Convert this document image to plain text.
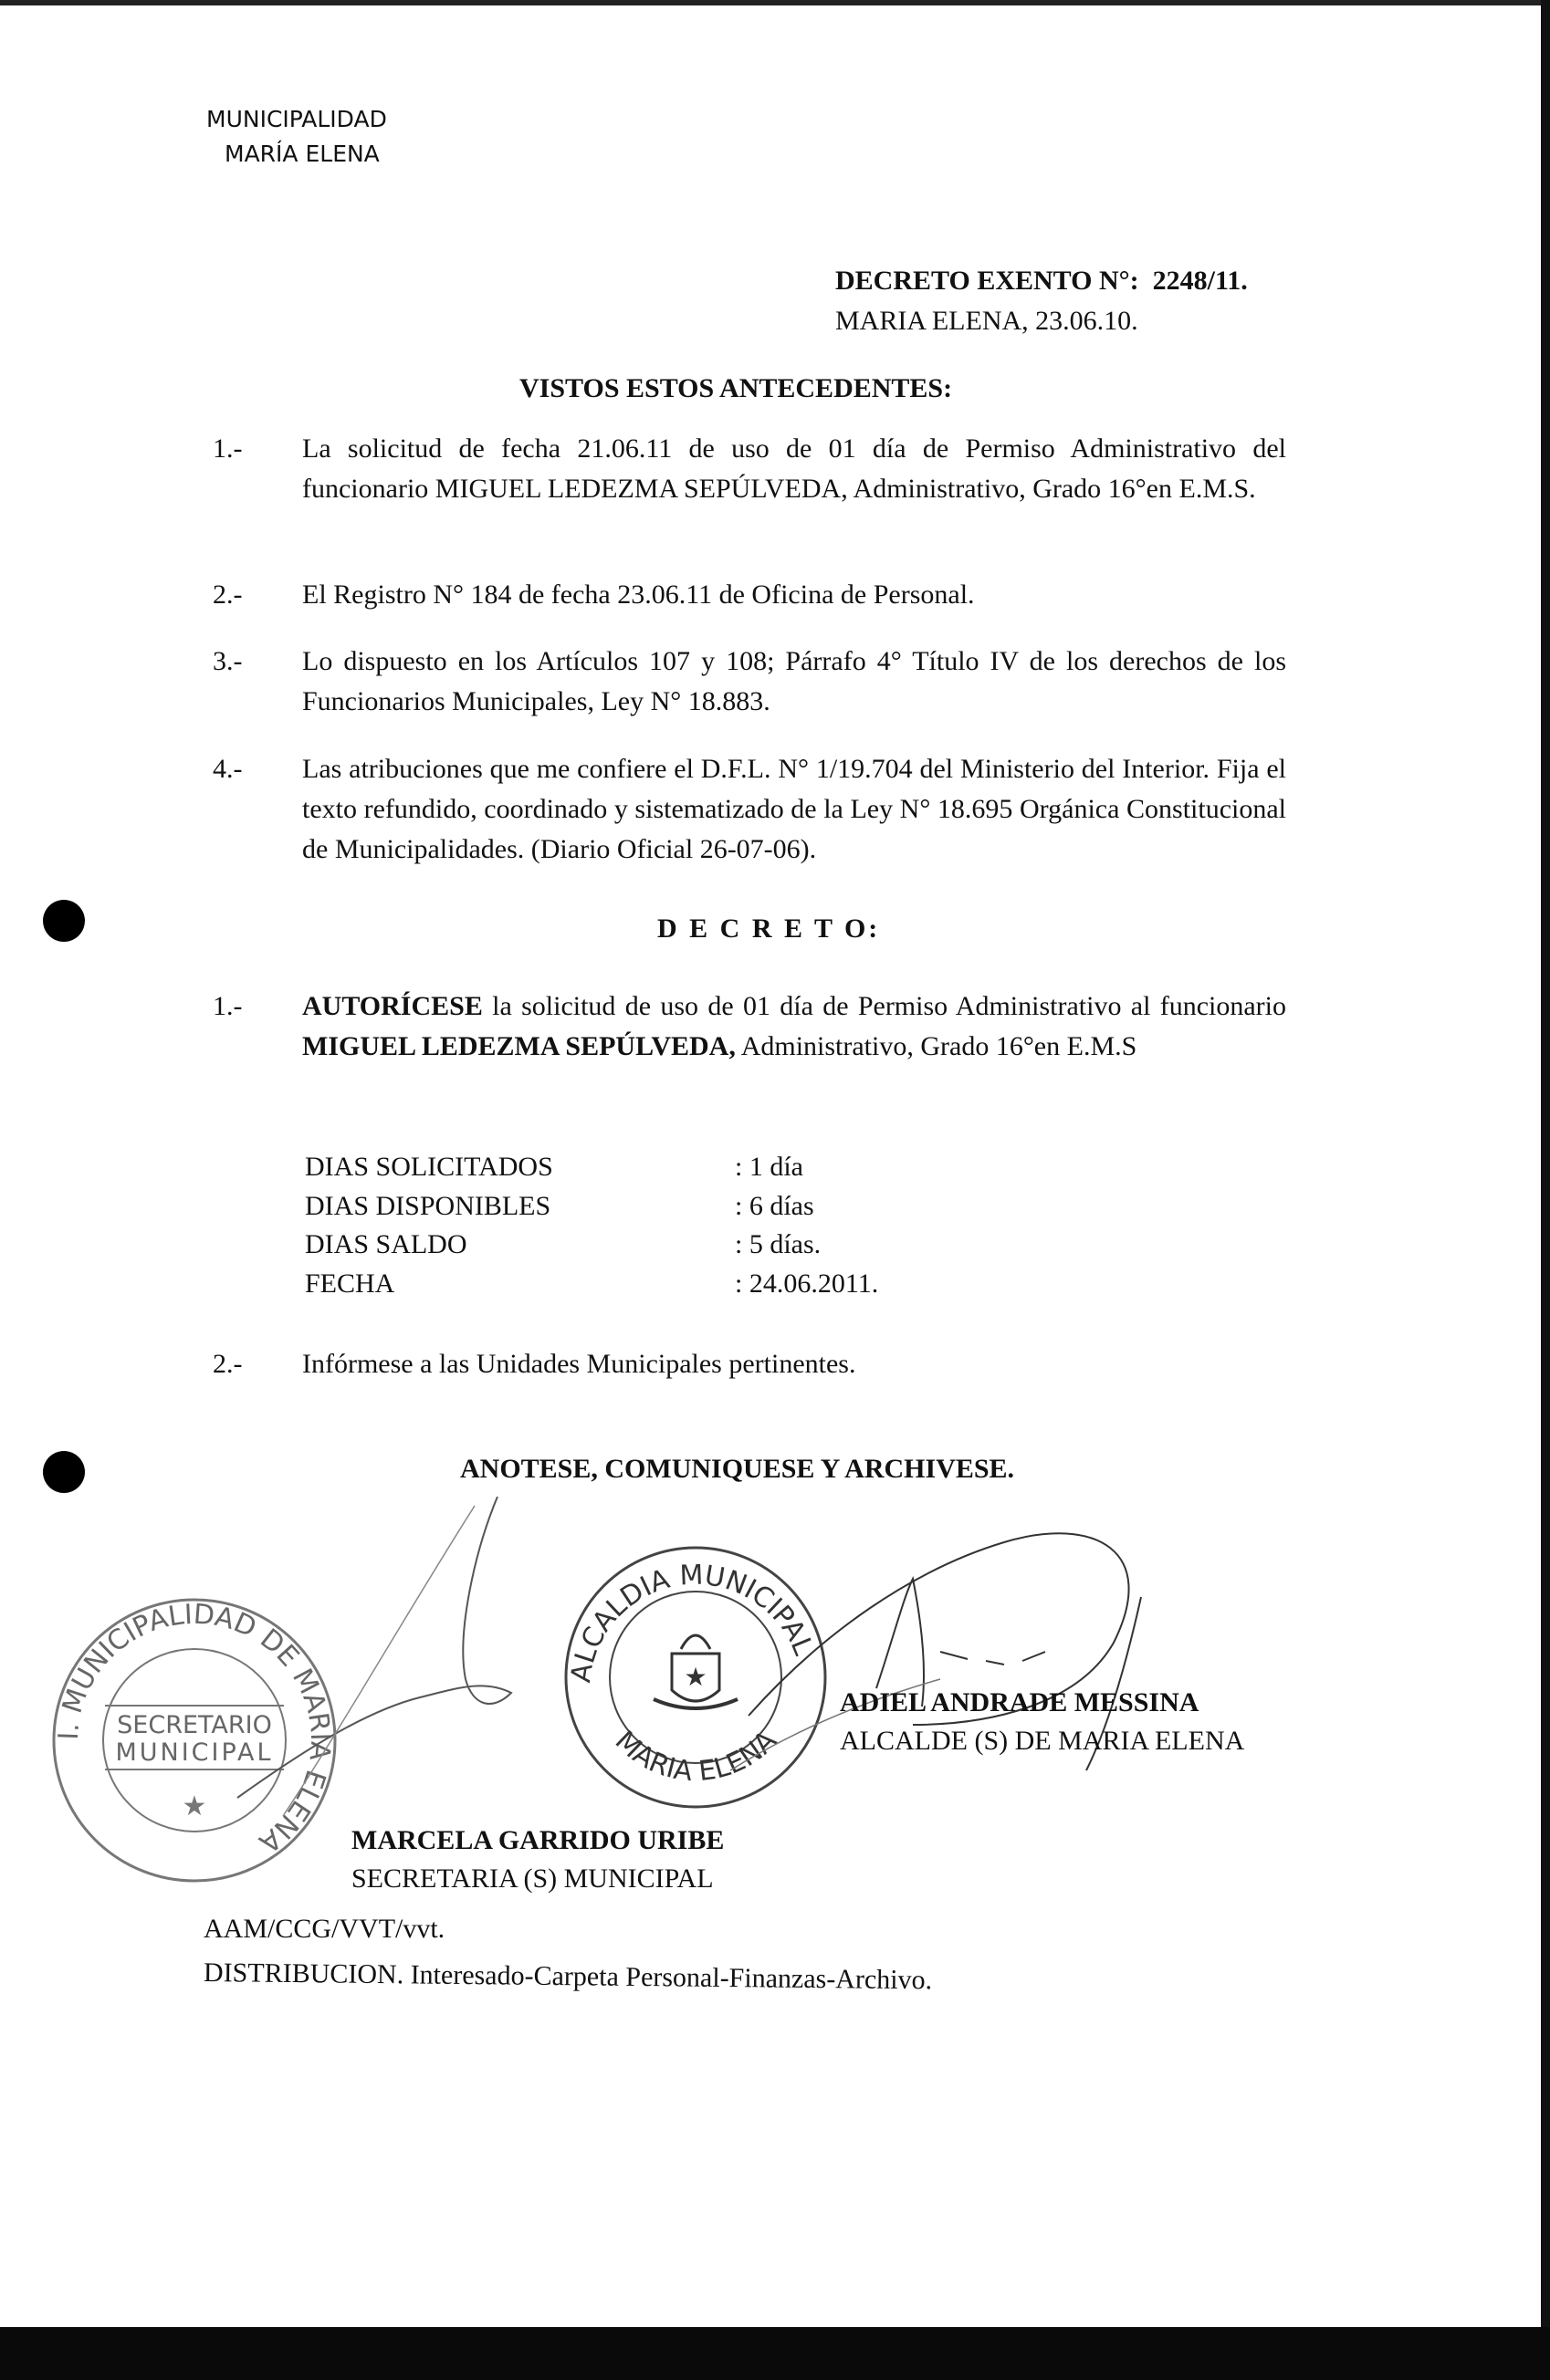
MUNICIPALIDAD
MARÍA ELENA
DECRETO EXENTO N°: 2248/11.
MARIA ELENA, 23.06.10.
VISTOS ESTOS ANTECEDENTES:
1.- La solicitud de fecha 21.06.11 de uso de 01 día de Permiso Administrativo del funcionario MIGUEL LEDEZMA SEPÚLVEDA, Administrativo, Grado 16°en E.M.S.
2.- El Registro N° 184 de fecha 23.06.11 de Oficina de Personal.
3.- Lo dispuesto en los Artículos 107 y 108; Párrafo 4° Título IV de los derechos de los Funcionarios Municipales, Ley N° 18.883.
4.- Las atribuciones que me confiere el D.F.L. N° 1/19.704 del Ministerio del Interior. Fija el texto refundido, coordinado y sistematizado de la Ley N° 18.695 Orgánica Constitucional de Municipalidades. (Diario Oficial 26-07-06).
D E C R E T O:
1.- AUTORÍCESE la solicitud de uso de 01 día de Permiso Administrativo al funcionario MIGUEL LEDEZMA SEPÚLVEDA, Administrativo, Grado 16°en E.M.S
DIAS SOLICITADOS	: 1 día
DIAS DISPONIBLES	: 6 días
DIAS SALDO	: 5 días.
FECHA	: 24.06.2011.
2.- Infórmese a las Unidades Municipales pertinentes.
ANOTESE, COMUNIQUESE Y ARCHIVESE.
I. MUNICIPALIDAD DE MARIA ELENA
SECRETARIO
MUNICIPAL
★
ALCALDIA MUNICIPAL
MARIA ELENA
★
MARCELA GARRIDO URIBE
SECRETARIA (S) MUNICIPAL
ADIEL ANDRADE MESSINA
ALCALDE (S) DE MARIA ELENA
AAM/CCG/VVT/vvt.
DISTRIBUCION. Interesado-Carpeta Personal-Finanzas-Archivo.
